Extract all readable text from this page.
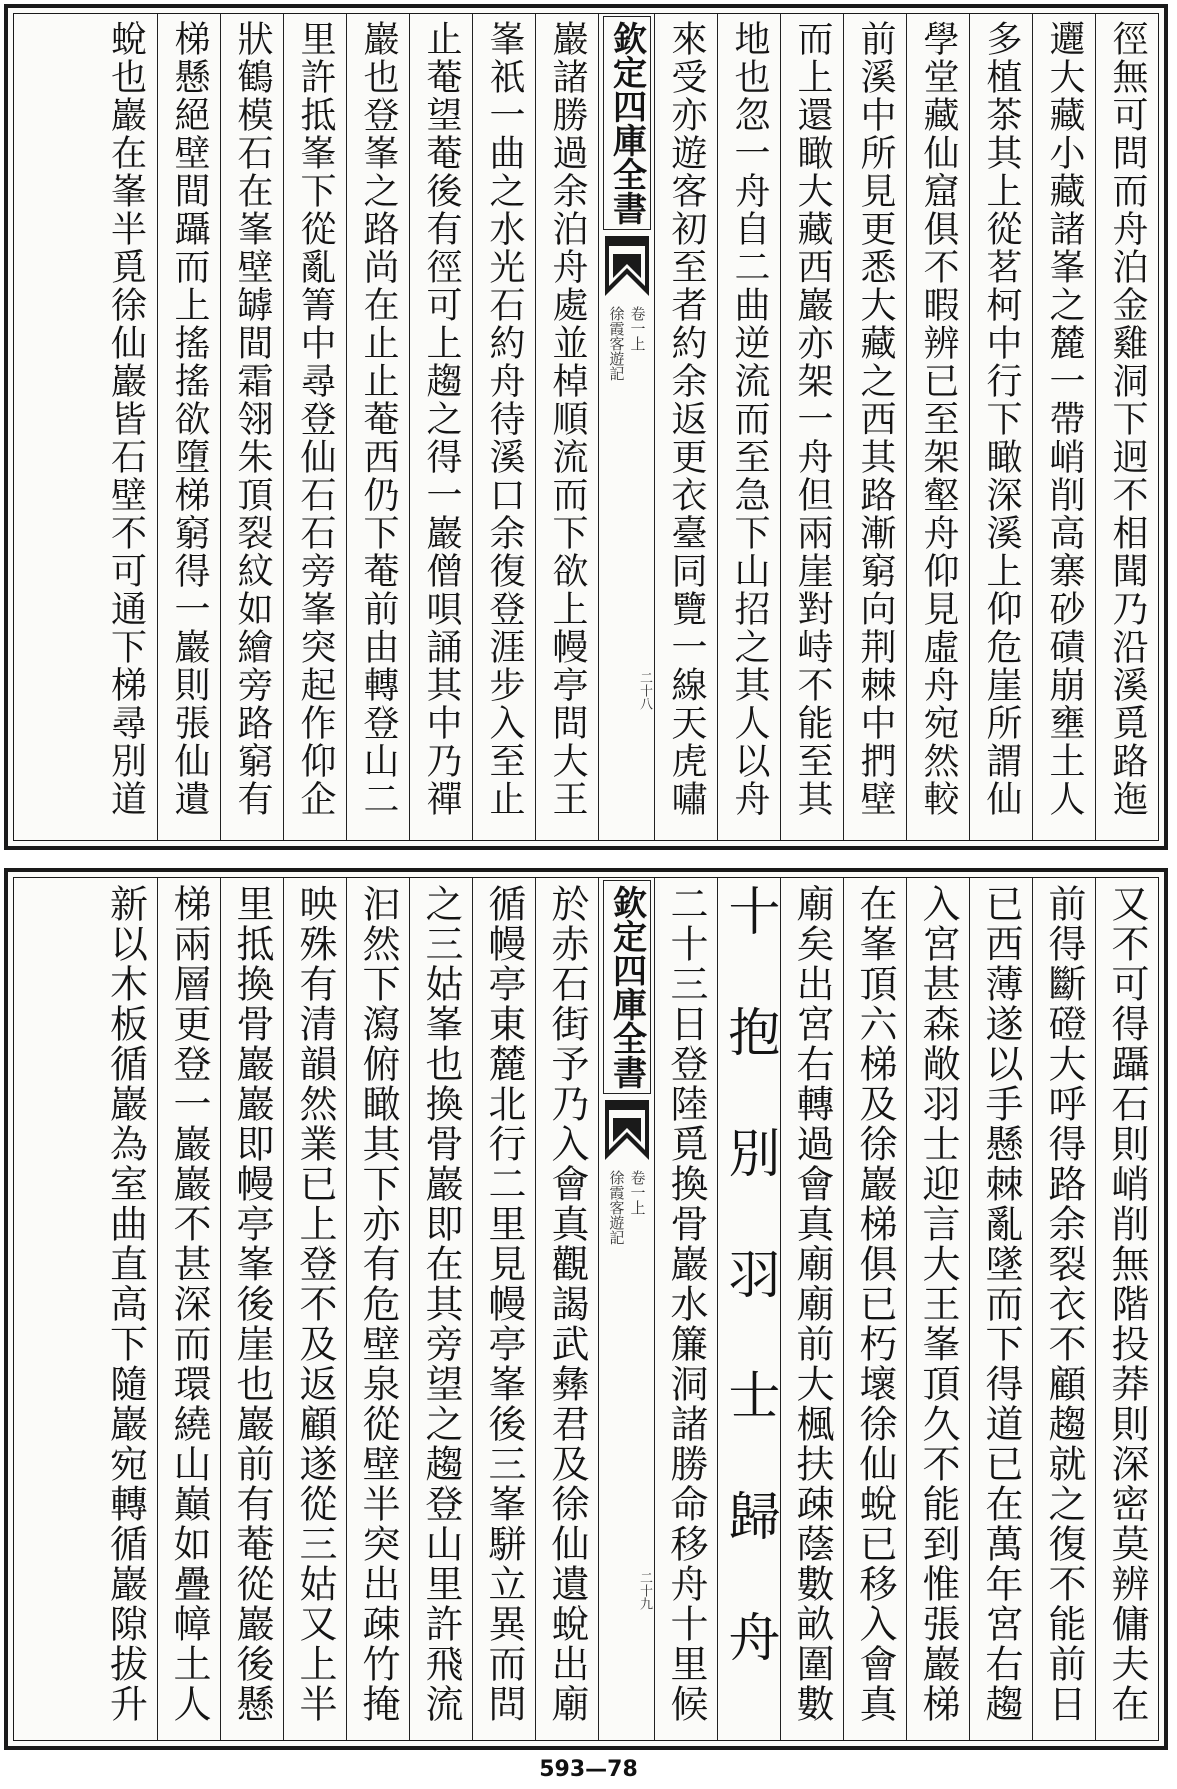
徑無可問而舟泊金雞洞下迥不相聞乃沿溪覓路迤
邐大藏小藏諸峯之麓一帶峭削高寨砂磧崩壅土人
多植茶其上從茗柯中行下瞰深溪上仰危崖所謂仙
學堂藏仙窟俱不暇辨已至架壑舟仰見虛舟宛然較
前溪中所見更悉大藏之西其路漸窮向荆棘中捫壁
而上還瞰大藏西巖亦架一舟但兩崖對峙不能至其
地也忽一舟自二曲逆流而至急下山招之其人以舟
來受亦遊客初至者約余返更衣臺同覽一線天虎嘯
欽定四庫全書
卷一上
徐霞客遊記
二十八
巖諸勝過余泊舟處並棹順流而下欲上幔亭問大王
峯祇一曲之水光石約舟待溪口余復登涯步入至止
止菴望菴後有徑可上趨之得一巖僧唄誦其中乃禪
巖也登峯之路尚在止止菴西仍下菴前由轉登山二
里許抵峯下從亂箐中尋登仙石石旁峯突起作仰企
狀鶴模石在峯壁罅間霜翎朱頂裂紋如繪旁路窮有
梯懸絕壁間躡而上搖搖欲墮梯窮得一巖則張仙遺
蛻也巖在峯半覓徐仙巖皆石壁不可通下梯尋別道
又不可得躡石則峭削無階投莽則深密莫辨傭夫在
前得斷磴大呼得路余裂衣不顧趨就之復不能前日
已西薄遂以手懸棘亂墜而下得道已在萬年宮右趨
入宮甚森敞羽士迎言大王峯頂久不能到惟張巖梯
在峯頂六梯及徐巖梯俱已朽壞徐仙蛻已移入會真
廟矣出宮右轉過會真廟廟前大楓扶疎蔭數畝圍數
十抱別羽士歸舟
二十三日登陸覓換骨巖水簾洞諸勝命移舟十里候
欽定四庫全書
卷一上
徐霞客遊記
二十九
於赤石街予乃入會真觀謁武彝君及徐仙遺蛻出廟
循幔亭東麓北行二里見幔亭峯後三峯駢立異而問
之三姑峯也換骨巖即在其旁望之趨登山里許飛流
汩然下瀉俯瞰其下亦有危壁泉從壁半突出疎竹掩
映殊有清韻然業已上登不及返顧遂從三姑又上半
里抵換骨巖巖即幔亭峯後崖也巖前有菴從巖後懸
梯兩層更登一巖巖不甚深而環繞山巔如疊幛土人
新以木板循巖為室曲直高下隨巖宛轉循巖隙拔升
593—78
